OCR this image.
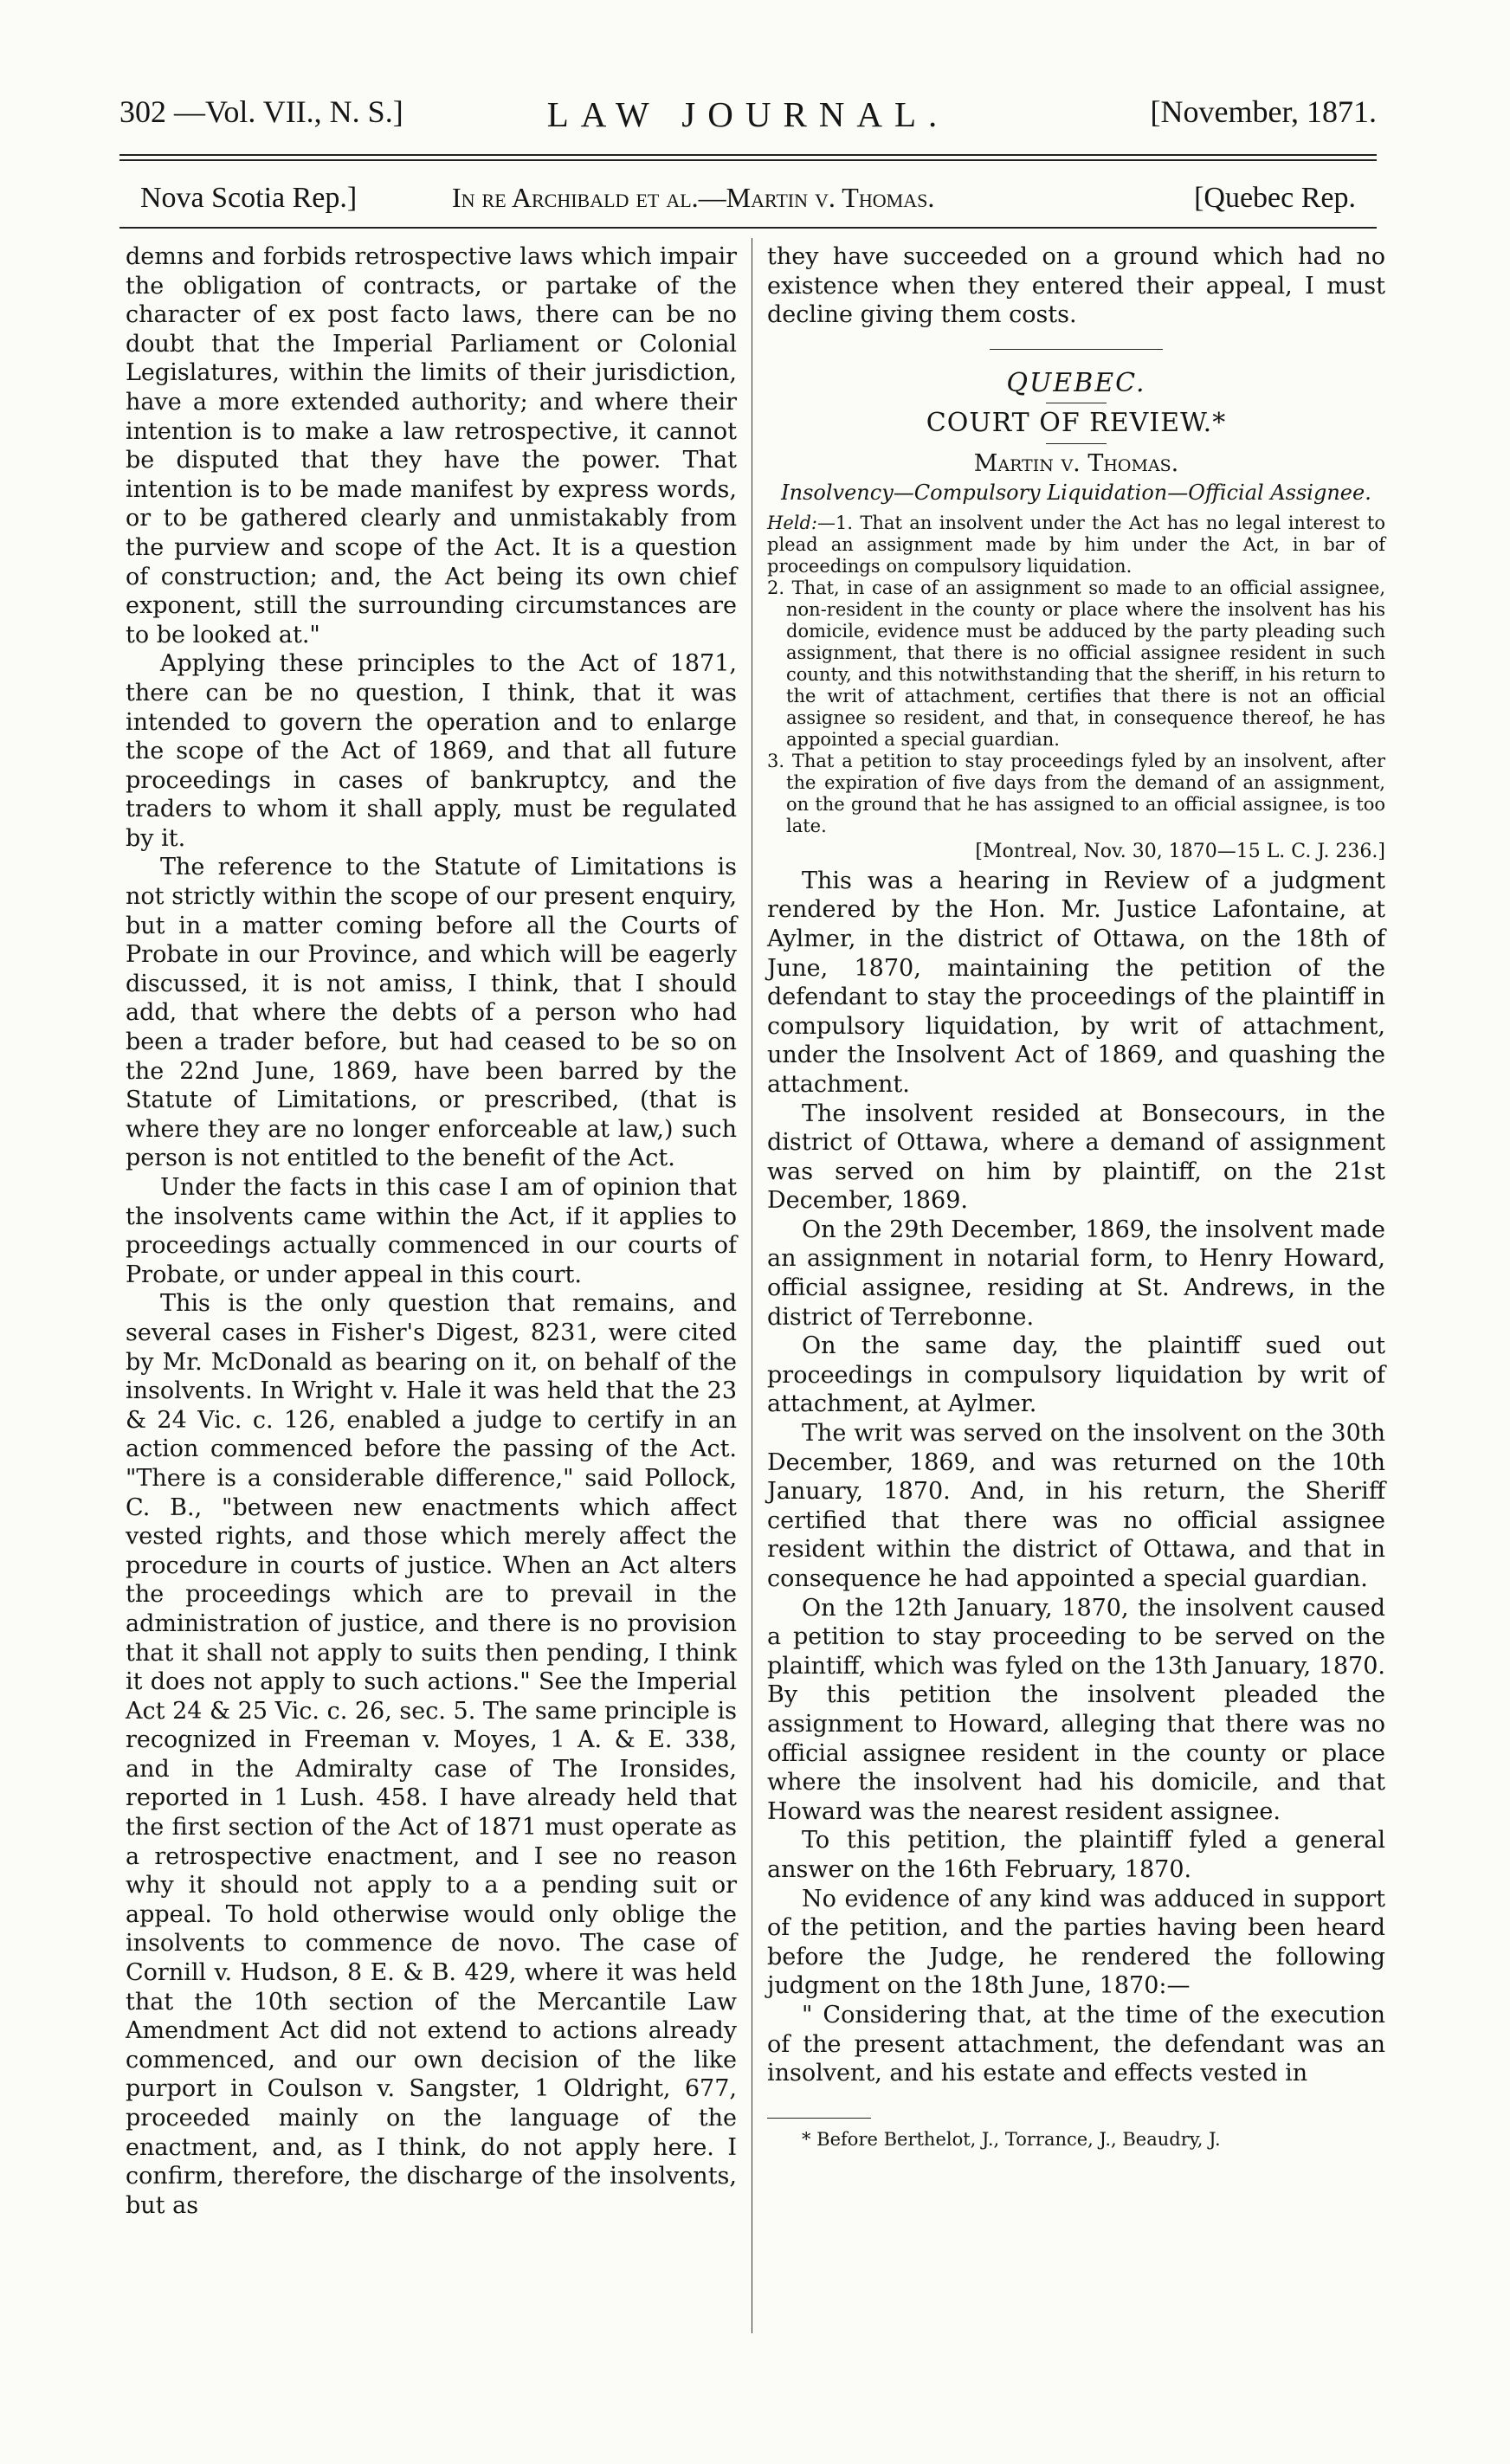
302 —Vol. VII., N. S.]	LAW JOURNAL.	[November, 1871.
Nova Scotia Rep.]	In re Archibald et al.—Martin v. Thomas.	[Quebec Rep.

demns and forbids retrospective laws which impair the obligation of contracts, or partake of the character of ex post facto laws, there can be no doubt that the Imperial Parliament or Colonial Legislatures, within the limits of their jurisdiction, have a more extended authority; and where their intention is to make a law retrospective, it cannot be disputed that they have the power. That intention is to be made manifest by express words, or to be gathered clearly and unmistakably from the purview and scope of the Act. It is a question of construction; and, the Act being its own chief exponent, still the surrounding circumstances are to be looked at."

Applying these principles to the Act of 1871, there can be no question, I think, that it was intended to govern the operation and to enlarge the scope of the Act of 1869, and that all future proceedings in cases of bankruptcy, and the traders to whom it shall apply, must be regulated by it.

The reference to the Statute of Limitations is not strictly within the scope of our present enquiry, but in a matter coming before all the Courts of Probate in our Province, and which will be eagerly discussed, it is not amiss, I think, that I should add, that where the debts of a person who had been a trader before, but had ceased to be so on the 22nd June, 1869, have been barred by the Statute of Limitations, or prescribed, (that is where they are no longer enforceable at law,) such person is not entitled to the benefit of the Act.

Under the facts in this case I am of opinion that the insolvents came within the Act, if it applies to proceedings actually commenced in our courts of Probate, or under appeal in this court.

This is the only question that remains, and several cases in Fisher's Digest, 8231, were cited by Mr. McDonald as bearing on it, on behalf of the insolvents. In Wright v. Hale it was held that the 23 & 24 Vic. c. 126, enabled a judge to certify in an action commenced before the passing of the Act. "There is a considerable difference," said Pollock, C. B., "between new enactments which affect vested rights, and those which merely affect the procedure in courts of justice. When an Act alters the proceedings which are to prevail in the administration of justice, and there is no provision that it shall not apply to suits then pending, I think it does not apply to such actions." See the Imperial Act 24 & 25 Vic. c. 26, sec. 5. The same principle is recognized in Freeman v. Moyes, 1 A. & E. 338, and in the Admiralty case of The Ironsides, reported in 1 Lush. 458. I have already held that the first section of the Act of 1871 must operate as a retrospective enactment, and I see no reason why it should not apply to a a pending suit or appeal. To hold otherwise would only oblige the insolvents to commence de novo. The case of Cornill v. Hudson, 8 E. & B. 429, where it was held that the 10th section of the Mercantile Law Amendment Act did not extend to actions already commenced, and our own decision of the like purport in Coulson v. Sangster, 1 Oldright, 677, proceeded mainly on the language of the enactment, and, as I think, do not apply here. I confirm, therefore, the discharge of the insolvents, but as

they have succeeded on a ground which had no existence when they entered their appeal, I must decline giving them costs.

QUEBEC.

COURT OF REVIEW.*

Martin v. Thomas.

Insolvency—Compulsory Liquidation—Official Assignee.

Held:—1. That an insolvent under the Act has no legal interest to plead an assignment made by him under the Act, in bar of proceedings on compulsory liquidation.

2. That, in case of an assignment so made to an official assignee, non-resident in the county or place where the insolvent has his domicile, evidence must be adduced by the party pleading such assignment, that there is no official assignee resident in such county, and this notwithstanding that the sheriff, in his return to the writ of attachment, certifies that there is not an official assignee so resident, and that, in consequence thereof, he has appointed a special guardian.

3. That a petition to stay proceedings fyled by an insolvent, after the expiration of five days from the demand of an assignment, on the ground that he has assigned to an official assignee, is too late.

[Montreal, Nov. 30, 1870—15 L. C. J. 236.]

This was a hearing in Review of a judgment rendered by the Hon. Mr. Justice Lafontaine, at Aylmer, in the district of Ottawa, on the 18th of June, 1870, maintaining the petition of the defendant to stay the proceedings of the plaintiff in compulsory liquidation, by writ of attachment, under the Insolvent Act of 1869, and quashing the attachment.

The insolvent resided at Bonsecours, in the district of Ottawa, where a demand of assignment was served on him by plaintiff, on the 21st December, 1869.

On the 29th December, 1869, the insolvent made an assignment in notarial form, to Henry Howard, official assignee, residing at St. Andrews, in the district of Terrebonne.

On the same day, the plaintiff sued out proceedings in compulsory liquidation by writ of attachment, at Aylmer.

The writ was served on the insolvent on the 30th December, 1869, and was returned on the 10th January, 1870. And, in his return, the Sheriff certified that there was no official assignee resident within the district of Ottawa, and that in consequence he had appointed a special guardian.

On the 12th January, 1870, the insolvent caused a petition to stay proceeding to be served on the plaintiff, which was fyled on the 13th January, 1870. By this petition the insolvent pleaded the assignment to Howard, alleging that there was no official assignee resident in the county or place where the insolvent had his domicile, and that Howard was the nearest resident assignee.

To this petition, the plaintiff fyled a general answer on the 16th February, 1870.

No evidence of any kind was adduced in support of the petition, and the parties having been heard before the Judge, he rendered the following judgment on the 18th June, 1870:—

" Considering that, at the time of the execution of the present attachment, the defendant was an insolvent, and his estate and effects vested in

* Before Berthelot, J., Torrance, J., Beaudry, J.
